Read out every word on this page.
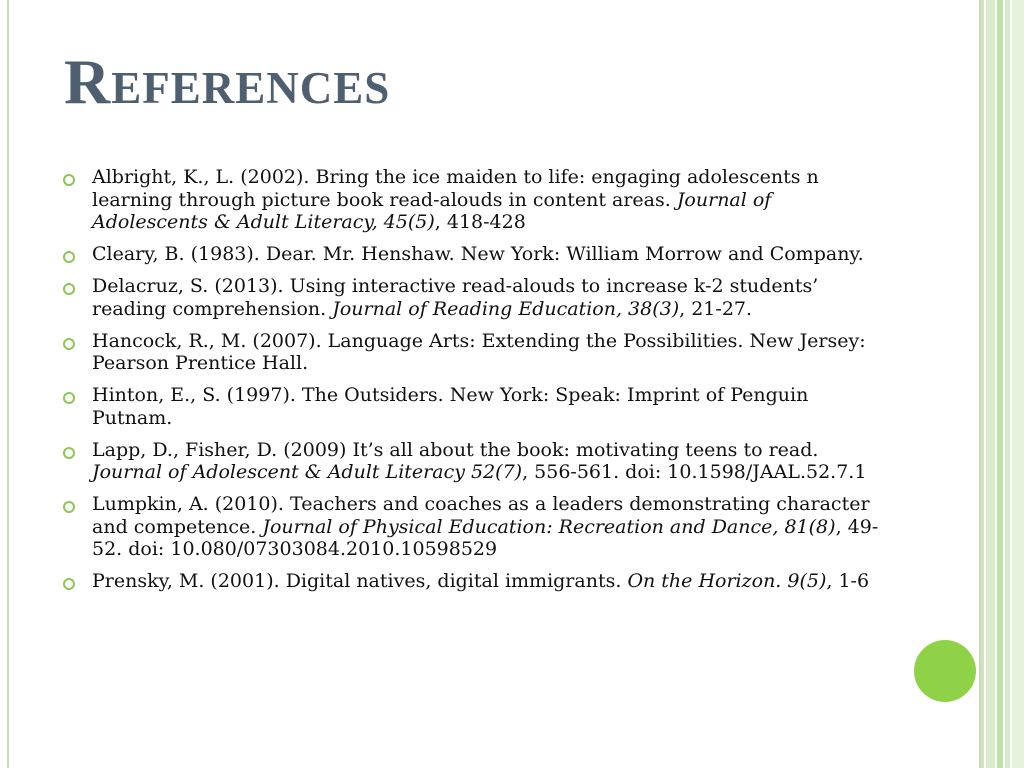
References
Albright, K., L. (2002). Bring the ice maiden to life: engaging adolescents n learning through picture book read-alouds in content areas. Journal of Adolescents & Adult Literacy, 45(5), 418-428
Cleary, B. (1983). Dear. Mr. Henshaw. New York: William Morrow and Company.
Delacruz, S. (2013). Using interactive read-alouds to increase k-2 students’ reading comprehension. Journal of Reading Education, 38(3), 21-27.
Hancock, R., M. (2007). Language Arts: Extending the Possibilities. New Jersey: Pearson Prentice Hall.
Hinton, E., S. (1997). The Outsiders. New York: Speak: Imprint of Penguin Putnam.
Lapp, D., Fisher, D. (2009) It’s all about the book: motivating teens to read. Journal of Adolescent & Adult Literacy 52(7), 556-561. doi: 10.1598/JAAL.52.7.1
Lumpkin, A. (2010). Teachers and coaches as a leaders demonstrating character and competence. Journal of Physical Education: Recreation and Dance, 81(8), 49-52. doi: 10.080/07303084.2010.10598529
Prensky, M. (2001). Digital natives, digital immigrants. On the Horizon. 9(5), 1-6
